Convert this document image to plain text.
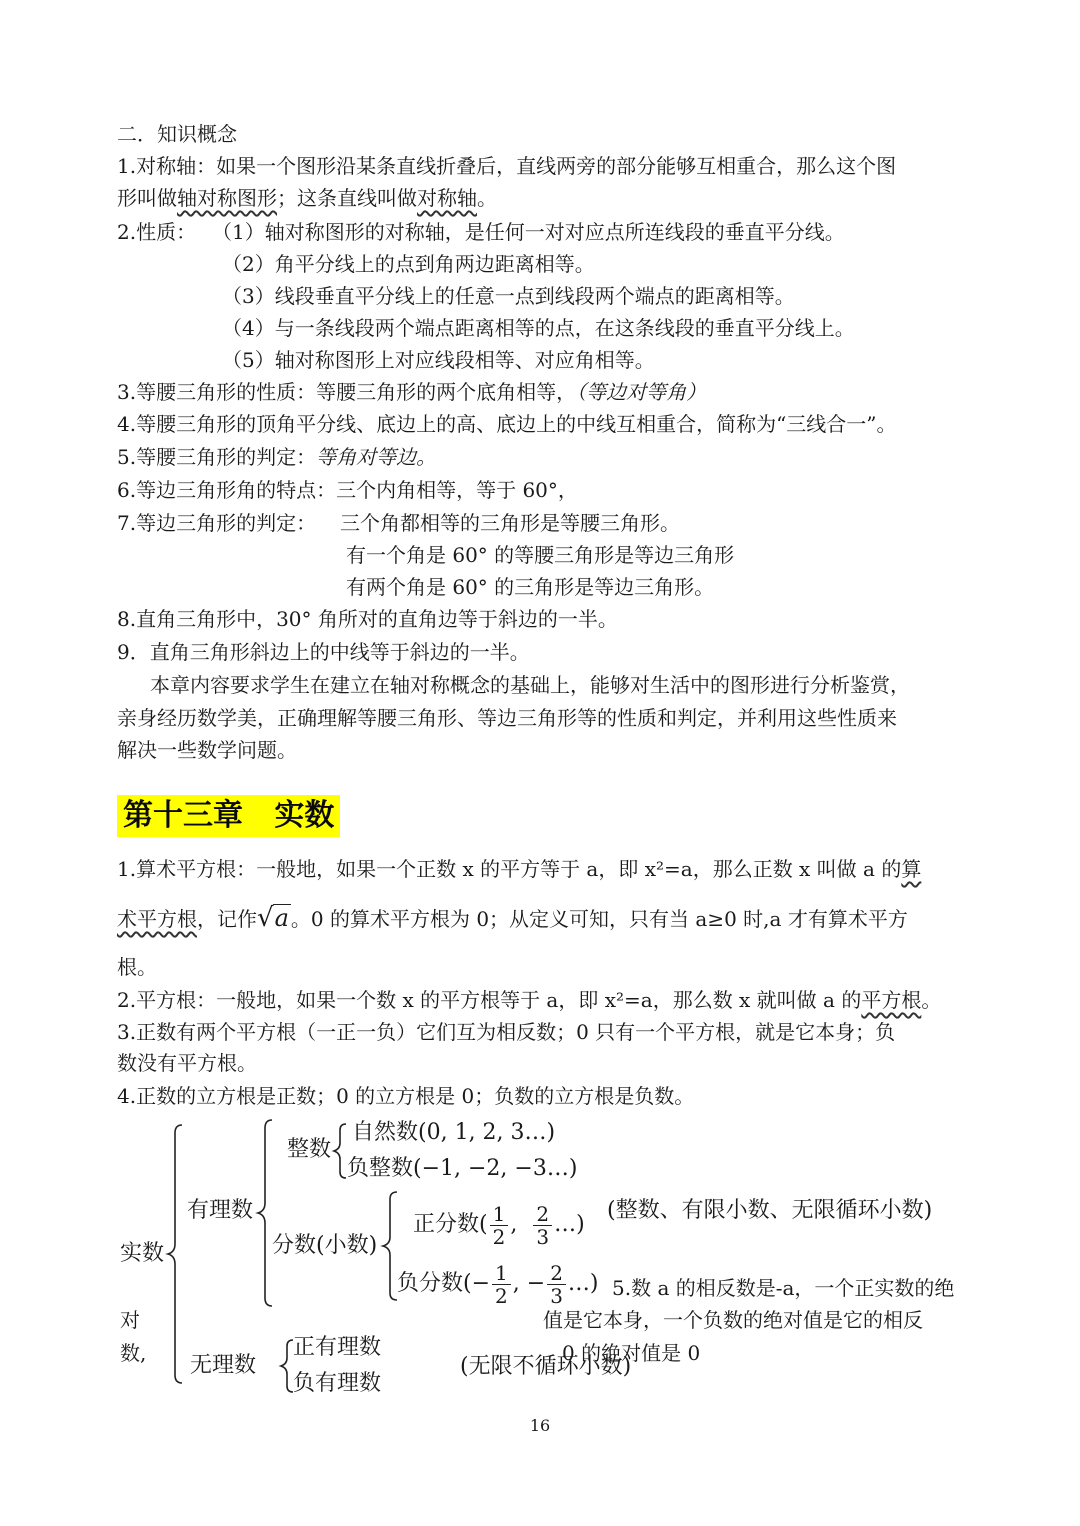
二．知识概念
1.对称轴：如果一个图形沿某条直线折叠后，直线两旁的部分能够互相重合，那么这个图
形叫做轴对称图形；这条直线叫做对称轴。
2.性质： （1）轴对称图形的对称轴，是任何一对对应点所连线段的垂直平分线。
（2）角平分线上的点到角两边距离相等。
（3）线段垂直平分线上的任意一点到线段两个端点的距离相等。
（4）与一条线段两个端点距离相等的点，在这条线段的垂直平分线上。
（5）轴对称图形上对应线段相等、对应角相等。
3.等腰三角形的性质：等腰三角形的两个底角相等，（等边对等角）
4.等腰三角形的顶角平分线、底边上的高、底边上的中线互相重合，简称为“三线合一”。
5.等腰三角形的判定：等角对等边。
6.等边三角形角的特点：三个内角相等，等于 60°，
7.等边三角形的判定： 三个角都相等的三角形是等腰三角形。
有一个角是 60° 的等腰三角形是等边三角形
有两个角是 60° 的三角形是等边三角形。
8.直角三角形中，30° 角所对的直角边等于斜边的一半。
9．直角三角形斜边上的中线等于斜边的一半。
本章内容要求学生在建立在轴对称概念的基础上，能够对生活中的图形进行分析鉴赏，
亲身经历数学美，正确理解等腰三角形、等边三角形等的性质和判定，并利用这些性质来
解决一些数学问题。
第十三章   实数
1.算术平方根：一般地，如果一个正数 x 的平方等于 a，即 x²=a，那么正数 x 叫做 a 的算
术平方根，记作√a 。0 的算术平方根为 0；从定义可知，只有当 a≥0 时,a 才有算术平方
根。
2.平方根：一般地，如果一个数 x 的平方根等于 a，即 x²=a，那么数 x 就叫做 a 的平方根。
3.正数有两个平方根（一正一负）它们互为相反数；0 只有一个平方根，就是它本身；负
数没有平方根。
4.正数的立方根是正数；0 的立方根是 0；负数的立方根是负数。
实数
有理数
整数
自然数(0, 1, 2, 3…)
负整数(−1, −2, −3…)
分数(小数)
正分数( $\frac{1}{2}$ , $\frac{2}{3}$ …)
(整数、有限小数、无限循环小数)
负分数(− $\frac{1}{2}$ , − $\frac{2}{3}$ …) 5.数 a 的相反数是-a，一个正实数的绝
值是它本身，一个负数的绝对值是它的相反
0 的绝对值是 0
对
数, 无理数
正有理数
负有理数
(无限不循环小数)
16
